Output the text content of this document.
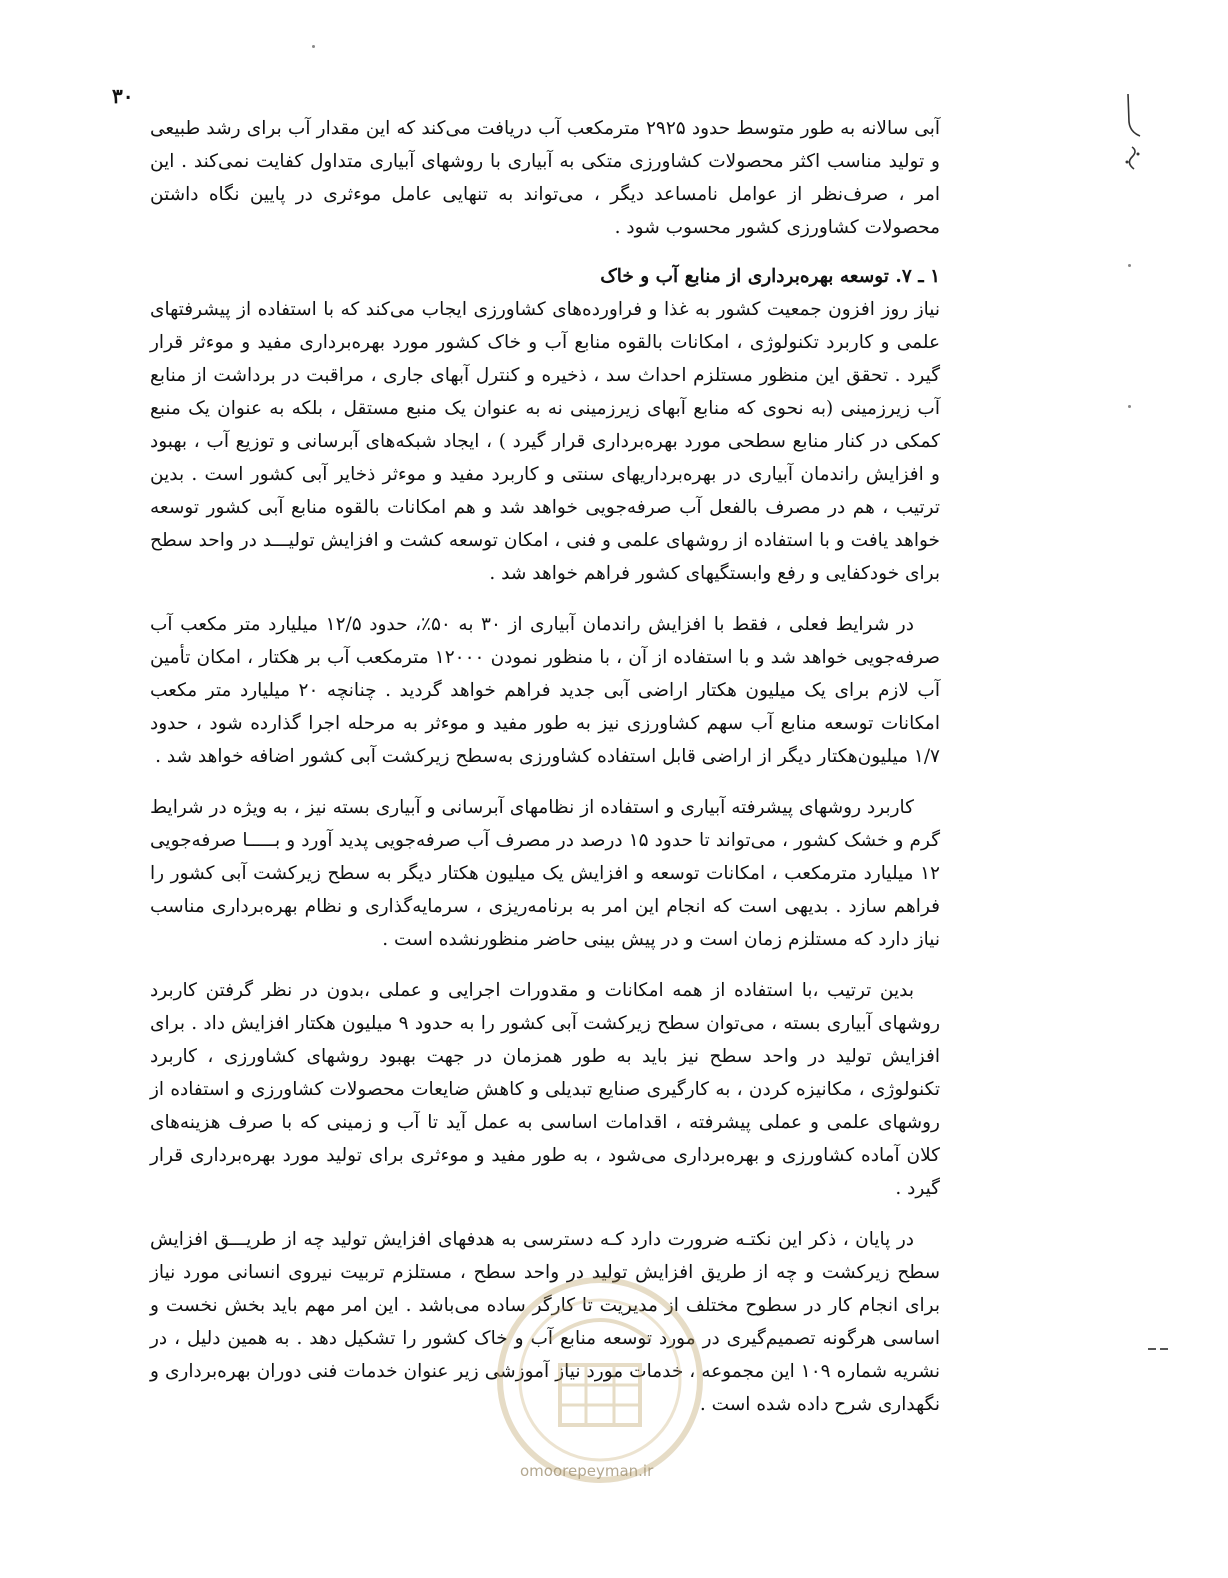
۳۰

آبی سالانه به طور متوسط حدود ۲۹۲۵ مترمکعب آب دریافت می‌کند که این مقدار آب برای رشد طبیعی و تولید مناسب اکثر محصولات کشاورزی متکی به آبیاری با روشهای آبیاری متداول کفایت نمی‌کند . این امر ، صرف‌نظر از عوامل نامساعد دیگر ، می‌تواند به تنهایی عامل موءثری در پایین نگاه داشتن محصولات کشاورزی کشور محسوب شود .

۱ ـ ۷. توسعه بهره‌برداری از منابع آب و خاک

نیاز روز افزون جمعیت کشور به غذا و فراورده‌های کشاورزی ایجاب می‌کند که با استفاده از پیشرفتهای علمی و کاربرد تکنولوژی ، امکانات بالقوه منابع آب و خاک کشور مورد بهره‌برداری مفید و موءثر قرار گیرد . تحقق این منظور مستلزم احداث سد ، ذخیره و کنترل آبهای جاری ، مراقبت در برداشت از منابع آب زیرزمینی (به نحوی که منابع آبهای زیرزمینی نه به عنوان یک منبع مستقل ، بلکه به عنوان یک منبع کمکی در کنار منابع سطحی مورد بهره‌برداری قرار گیرد ) ، ایجاد شبکه‌های آبرسانی و توزیع آب ، بهبود و افزایش راندمان آبیاری در بهره‌برداریهای سنتی و کاربرد مفید و موءثر ذخایر آبی کشور است . بدین ترتیب ، هم در مصرف بالفعل آب صرفه‌جویی خواهد شد و هم امکانات بالقوه منابع آبی کشور توسعه خواهد یافت و با استفاده از روشهای علمی و فنی ، امکان توسعه کشت و افزایش تولیـــد در واحد سطح برای خودکفایی و رفع وابستگیهای کشور فراهم خواهد شد .

در شرایط فعلی ، فقط با افزایش راندمان آبیاری از ۳۰ به ۵۰٪، حدود ۱۲/۵ میلیارد متر مکعب آب صرفه‌جویی خواهد شد و با استفاده از آن ، با منظور نمودن ۱۲۰۰۰ مترمکعب آب بر هکتار ، امکان تأمین آب لازم برای یک میلیون هکتار اراضی آبی جدید فراهم خواهد گردید . چنانچه ۲۰ میلیارد متر مکعب امکانات توسعه منابع آب سهم کشاورزی نیز به طور مفید و موءثر به مرحله اجرا گذارده شود ، حدود ۱/۷ میلیون‌هکتار دیگر از اراضی قابل استفاده کشاورزی به‌سطح زیرکشت آبی کشور اضافه خواهد شد .

کاربرد روشهای پیشرفته آبیاری و استفاده از نظامهای آبرسانی و آبیاری بسته نیز ، به ویژه در شرایط گرم و خشک کشور ، می‌تواند تا حدود ۱۵ درصد در مصرف آب صرفه‌جویی پدید آورد و بـــــا صرفه‌جویی ۱۲ میلیارد مترمکعب ، امکانات توسعه و افزایش یک میلیون هکتار دیگر به سطح زیرکشت آبی کشور را فراهم سازد . بدیهی است که انجام این امر به برنامه‌ریزی ، سرمایه‌گذاری و نظام بهره‌برداری مناسب نیاز دارد که مستلزم زمان است و در پیش بینی حاضر منظورنشده است .

بدین ترتیب ،با استفاده از همه امکانات و مقدورات اجرایی و عملی ،بدون در نظر گرفتن کاربرد روشهای آبیاری بسته ، می‌توان سطح زیرکشت آبی کشور را به حدود ۹ میلیون هکتار افزایش داد . برای افزایش تولید در واحد سطح نیز باید به طور همزمان در جهت بهبود روشهای کشاورزی ، کاربرد تکنولوژی ، مکانیزه کردن ، به کارگیری صنایع تبدیلی و کاهش ضایعات محصولات کشاورزی و استفاده از روشهای علمی و عملی پیشرفته ، اقدامات اساسی به عمل آید تا آب و زمینی که با صرف هزینه‌های کلان آماده کشاورزی و بهره‌برداری می‌شود ، به طور مفید و موءثری برای تولید مورد بهره‌برداری قرار گیرد .

در پایان ، ذکر این نکتـه ضرورت دارد کـه دسترسی به هدفهای افزایش تولید چه از طریـــق افزایش سطح زیرکشت و چه از طریق افزایش تولید در واحد سطح ، مستلزم تربیت نیروی انسانی مورد نیاز برای انجام کار در سطوح مختلف از مدیریت تا کارگر ساده می‌باشد . این امر مهم باید بخش نخست و اساسی هرگونه تصمیم‌گیری در مورد توسعه منابع آب و خاک کشور را تشکیل دهد . به همین دلیل ، در نشریه شماره ۱۰۹ این مجموعه ، خدمات مورد نیاز آموزشی زیر عنوان خدمات فنی دوران بهره‌برداری و نگهداری شرح داده شده است .

omoorepeyman.ir
